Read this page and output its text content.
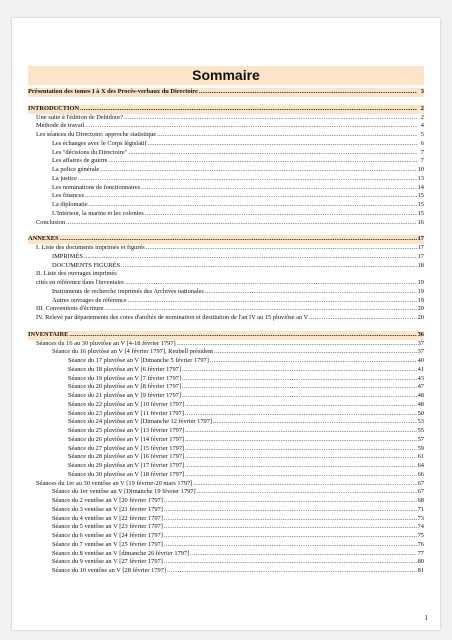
Sommaire
Présentation des tomes I à X des Procès-verbaux du Directoire .....	3
INTRODUCTION .....	2
Une suite à l'édition de Debidour? .....	2
Méthode de travail .....	4
Les séances du Directoire: approche statistique .....	5
Les échanges avec le Corps législatif .....	6
Les "décisions du Directoire" .....	7
Les affaires de guerre .....	7
La police générale .....	10
La justice .....	13
Les nominations de fonctionnaires .....	14
Les finances .....	15
La diplomatie .....	15
L'Intérieur, la marine et les colonies .....	15
Conclusion .....	16
ANNEXES .....	17
I. Liste des documents imprimés et figurés .....	17
IMPRIMÉS .....	17
DOCUMENTS FIGURÉS .....	18
II. Liste des ouvrages imprimés
cités en référence dans l'inventaire .....	19
Instruments de recherche imprimés des Archives nationales .....	19
Autres ouvrages de référence .....	19
III. Conventions d'écriture .....	20
IV. Relevé par départements des cotes d'arrêtés de nomination et destitution de l'an IV au 15 pluviôse an V .....	20
INVENTAIRE .....	36
Séances du 16 au 30 pluviôse an V [4-18 février 1797] .....	37
Séance du 16 pluviôse an V [4 février 1797], Reubell président .....	37
Séance du 17 pluviôse an V [Dimanche 5 février 1797] .....	40
Séance du 18 pluviôse an V [6 février 1797] .....	41
Séance du 19 pluviôse an V [7 février 1797] .....	43
Séance du 20 pluviôse an V [8 février 1797] .....	47
Séance du 21 pluviôse an V [9 février 1797] .....	48
Séance du 22 pluviôse an V [10 février 1797] .....	48
Séance du 23 pluviôse an V [11 février 1797] .....	50
Séance du 24 pluviôse an V [Dimanche 12 février 1797] .....	53
Séance du 25 pluviôse an V [13 février 1797] .....	55
Séance du 26 pluviôse an V [14 février 1797] .....	57
Séance du 27 pluviôse an V [15 février 1797] .....	59
Séance du 28 pluviôse an V [16 février 1797] .....	61
Séance du 29 pluviôse an V [17 février 1797] .....	64
Séance du 30 pluviôse an V [18 février 1797] .....	66
Séances du 1er au 30 ventôse an V [19 février-20 mars 1797] .....	67
Séance du 1er ventôse an V [Dimanche 19 février 1797] .....	67
Séance du 2 ventôse an V [20 février 1797] .....	68
Séance du 3 ventôse an V [21 février 1797] .....	71
Séance du 4 ventôse an V [22 février 1797] .....	73
Séance du 5 ventôse an V [23 février 1797] .....	74
Séance du 6 ventôse an V [24 février 1797] .....	75
Séance du 7 ventôse an V [25 février 1797] .....	76
Séance du 8 ventôse an V [dimanche 26 février 1797] .....	77
Séance du 9 ventôse an V [27 février 1797] .....	80
Séance du 10 ventôse an V [28 février 1797] .....	81
1
